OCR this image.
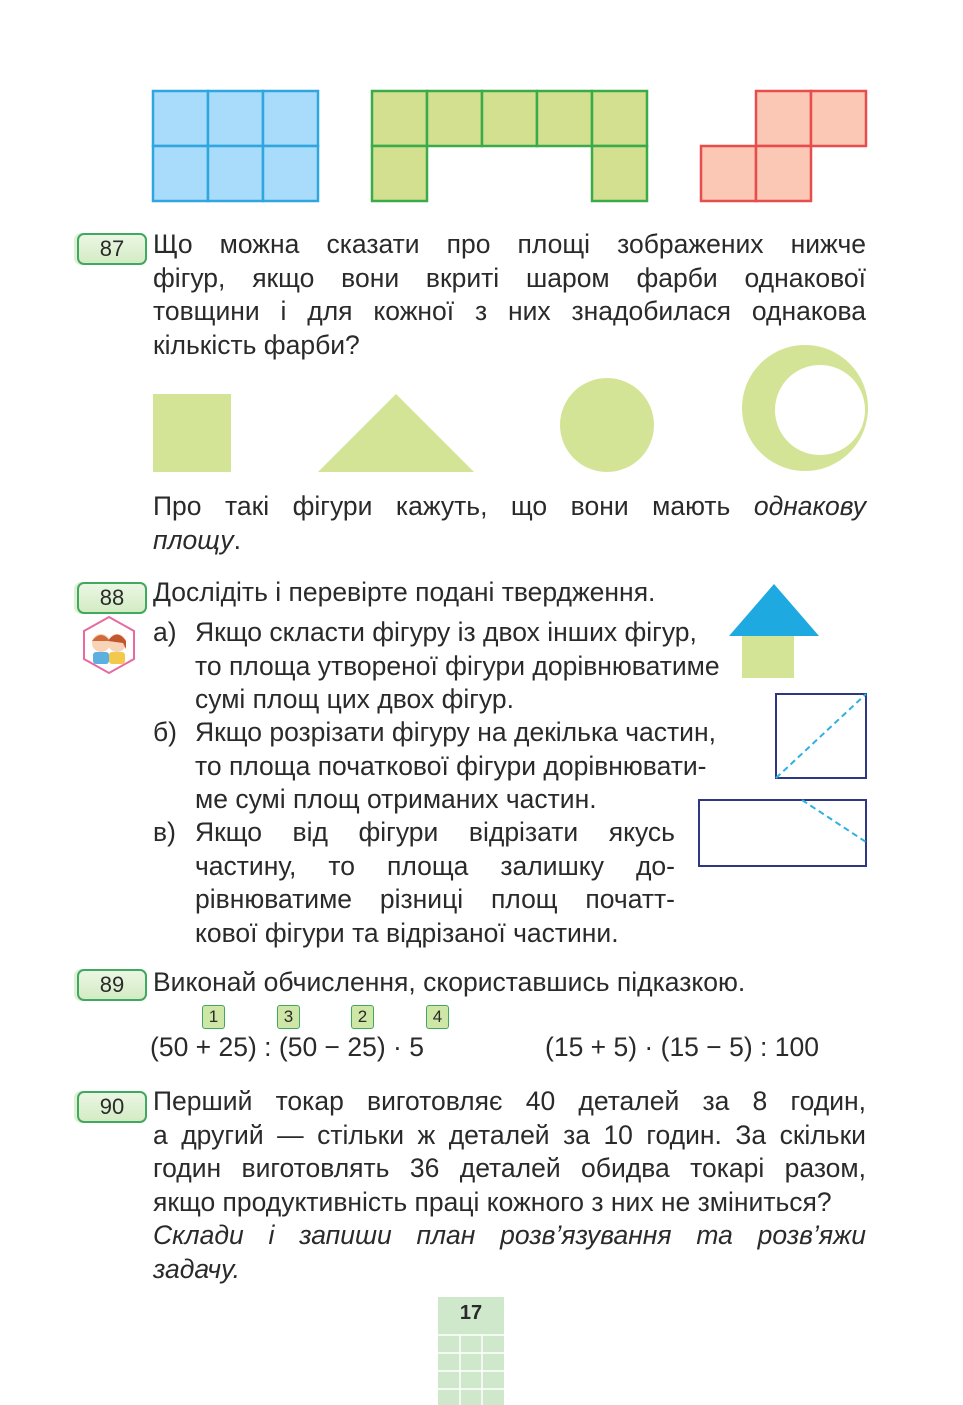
87	Що можна сказати про площі зображених нижче
фігур, якщо вони вкриті шаром фарби однакової
товщини і для кожної з них знадобилася однакова
кількість фарби?
Про такі фігури кажуть, що вони мають однакову
площу.
88	Дослідіть і перевірте подані твердження.
а) Якщо скласти фігуру із двох інших фігур,
то площа утвореної фігури дорівнюватиме
сумі площ цих двох фігур.
б) Якщо розрізати фігуру на декілька частин,
то площа початкової фігури дорівнювати-
ме сумі площ отриманих частин.
в) Якщо від фігури відрізати якусь
частину, то площа залишку до-
рівнюватиме різниці площ початт-
кової фігури та відрізаної частини.
89	Виконай обчислення, скориставшись підказкою.
1	3	2	4
(50 + 25) : (50 − 25) · 5	(15 + 5) · (15 − 5) : 100
90	Перший токар виготовляє 40 деталей за 8 годин,
а другий — стільки ж деталей за 10 годин. За скільки
годин виготовлять 36 деталей обидва токарі разом,
якщо продуктивність праці кожного з них не зміниться?
Склади і запиши план розв’язування та розв’яжи
задачу.
17
